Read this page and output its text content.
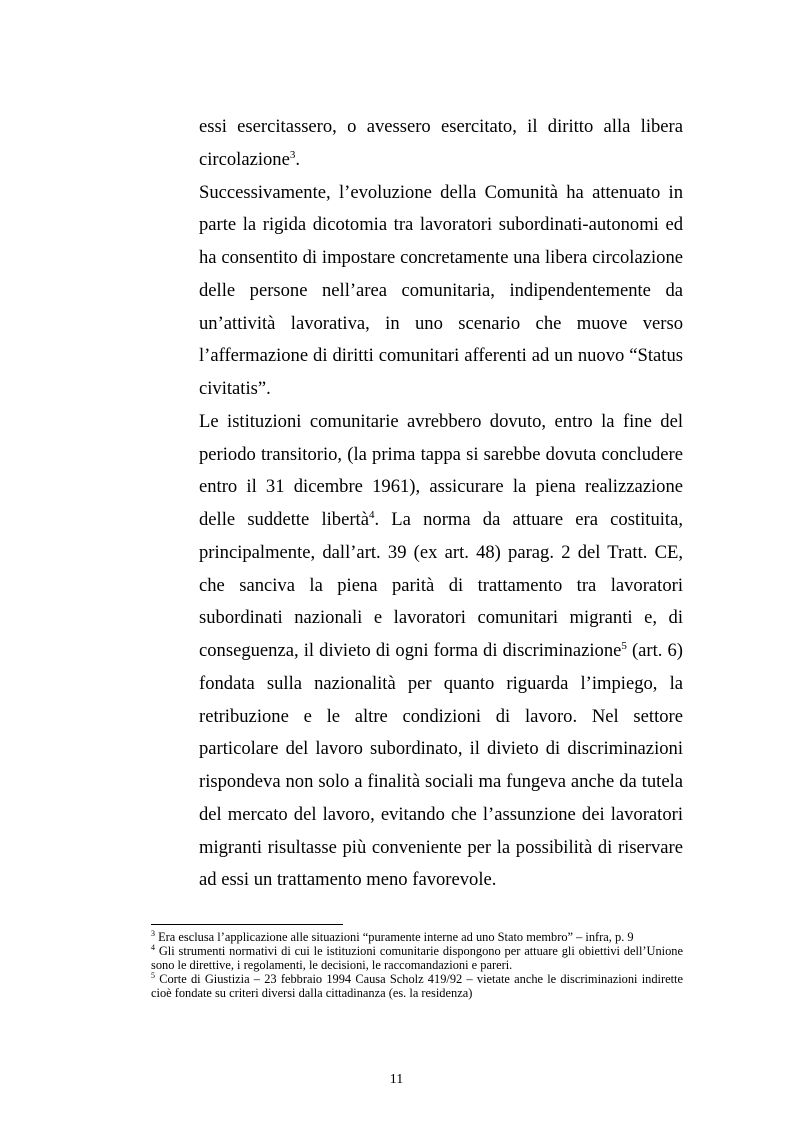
essi esercitassero, o avessero esercitato, il diritto alla libera circolazione$^3$.

Successivamente, l’evoluzione della Comunità ha attenuato in parte la rigida dicotomia tra lavoratori subordinati-autonomi ed ha consentito di impostare concretamente una libera circolazione delle persone nell’area comunitaria, indipendentemente da un’attività lavorativa, in uno scenario che muove verso l’affermazione di diritti comunitari afferenti ad un nuovo “Status civitatis”.

Le istituzioni comunitarie avrebbero dovuto, entro la fine del periodo transitorio, (la prima tappa si sarebbe dovuta concludere entro il 31 dicembre 1961), assicurare la piena realizzazione delle suddette libertà$^4$. La norma da attuare era costituita, principalmente, dall’art. 39 (ex art. 48) parag. 2 del Tratt. CE, che sanciva la piena parità di trattamento tra lavoratori subordinati nazionali e lavoratori comunitari migranti e, di conseguenza, il divieto di ogni forma di discriminazione$^5$ (art. 6) fondata sulla nazionalità per quanto riguarda l’impiego, la retribuzione e le altre condizioni di lavoro. Nel settore particolare del lavoro subordinato, il divieto di discriminazioni rispondeva non solo a finalità sociali ma fungeva anche da tutela del mercato del lavoro, evitando che l’assunzione dei lavoratori migranti risultasse più conveniente per la possibilità di riservare ad essi un trattamento meno favorevole.

$^3$ Era esclusa l’applicazione alle situazioni “puramente interne ad uno Stato membro” – infra, p. 9

$^4$ Gli strumenti normativi di cui le istituzioni comunitarie dispongono per attuare gli obiettivi dell’Unione sono le direttive, i regolamenti, le decisioni, le raccomandazioni e pareri.

$^5$ Corte di Giustizia – 23 febbraio 1994 Causa Scholz 419/92 – vietate anche le discriminazioni indirette cioè fondate su criteri diversi dalla cittadinanza (es. la residenza)

11
